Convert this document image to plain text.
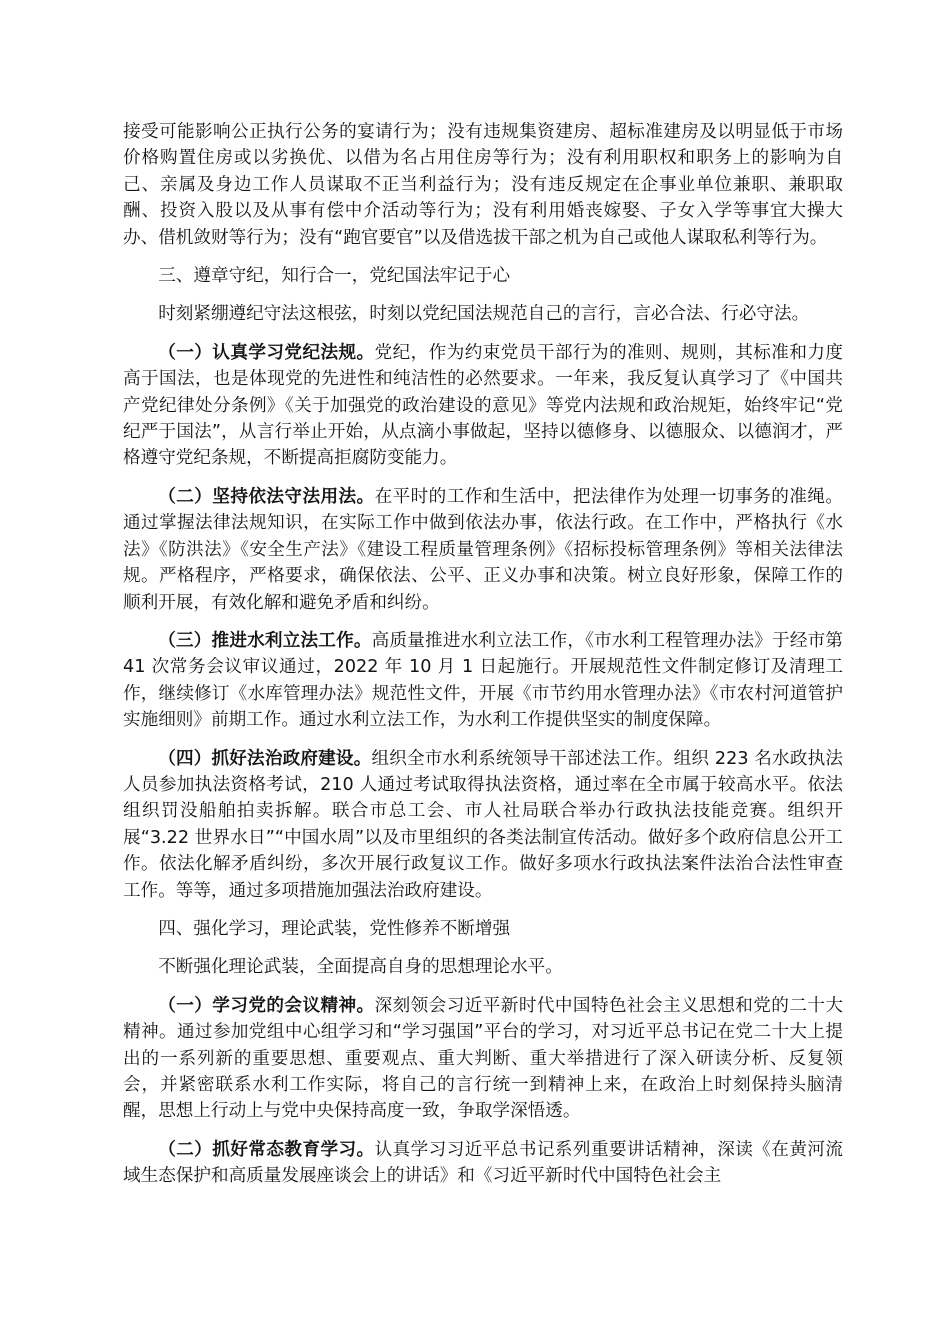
接受可能影响公正执行公务的宴请行为；没有违规集资建房、超标准建房及以明显低于市场价格购置住房或以劣换优、以借为名占用住房等行为；没有利用职权和职务上的影响为自己、亲属及身边工作人员谋取不正当利益行为；没有违反规定在企事业单位兼职、兼职取酬、投资入股以及从事有偿中介活动等行为；没有利用婚丧嫁娶、子女入学等事宜大操大办、借机敛财等行为；没有“跑官要官”以及借选拔干部之机为自己或他人谋取私利等行为。

三、遵章守纪，知行合一，党纪国法牢记于心

时刻紧绷遵纪守法这根弦，时刻以党纪国法规范自己的言行，言必合法、行必守法。

（一）认真学习党纪法规。党纪，作为约束党员干部行为的准则、规则，其标准和力度高于国法，也是体现党的先进性和纯洁性的必然要求。一年来，我反复认真学习了《中国共产党纪律处分条例》《关于加强党的政治建设的意见》等党内法规和政治规矩，始终牢记“党纪严于国法”，从言行举止开始，从点滴小事做起，坚持以德修身、以德服众、以德润才，严格遵守党纪条规，不断提高拒腐防变能力。

（二）坚持依法守法用法。在平时的工作和生活中，把法律作为处理一切事务的准绳。通过掌握法律法规知识，在实际工作中做到依法办事，依法行政。在工作中，严格执行《水法》《防洪法》《安全生产法》《建设工程质量管理条例》《招标投标管理条例》等相关法律法规。严格程序，严格要求，确保依法、公平、正义办事和决策。树立良好形象，保障工作的顺利开展，有效化解和避免矛盾和纠纷。

（三）推进水利立法工作。高质量推进水利立法工作，《市水利工程管理办法》于经市第 41 次常务会议审议通过，2022 年 10 月 1 日起施行。开展规范性文件制定修订及清理工作，继续修订《水库管理办法》规范性文件，开展《市节约用水管理办法》《市农村河道管护实施细则》前期工作。通过水利立法工作，为水利工作提供坚实的制度保障。

（四）抓好法治政府建设。组织全市水利系统领导干部述法工作。组织 223 名水政执法人员参加执法资格考试，210 人通过考试取得执法资格，通过率在全市属于较高水平。依法组织罚没船舶拍卖拆解。联合市总工会、市人社局联合举办行政执法技能竞赛。组织开展“3.22 世界水日”“中国水周”以及市里组织的各类法制宣传活动。做好多个政府信息公开工作。依法化解矛盾纠纷，多次开展行政复议工作。做好多项水行政执法案件法治合法性审查工作。等等，通过多项措施加强法治政府建设。

四、强化学习，理论武装，党性修养不断增强

不断强化理论武装，全面提高自身的思想理论水平。

（一）学习党的会议精神。深刻领会习近平新时代中国特色社会主义思想和党的二十大精神。通过参加党组中心组学习和“学习强国”平台的学习，对习近平总书记在党二十大上提出的一系列新的重要思想、重要观点、重大判断、重大举措进行了深入研读分析、反复领会，并紧密联系水利工作实际，将自己的言行统一到精神上来，在政治上时刻保持头脑清醒，思想上行动上与党中央保持高度一致，争取学深悟透。

（二）抓好常态教育学习。认真学习习近平总书记系列重要讲话精神，深读《在黄河流域生态保护和高质量发展座谈会上的讲话》和《习近平新时代中国特色社会主
